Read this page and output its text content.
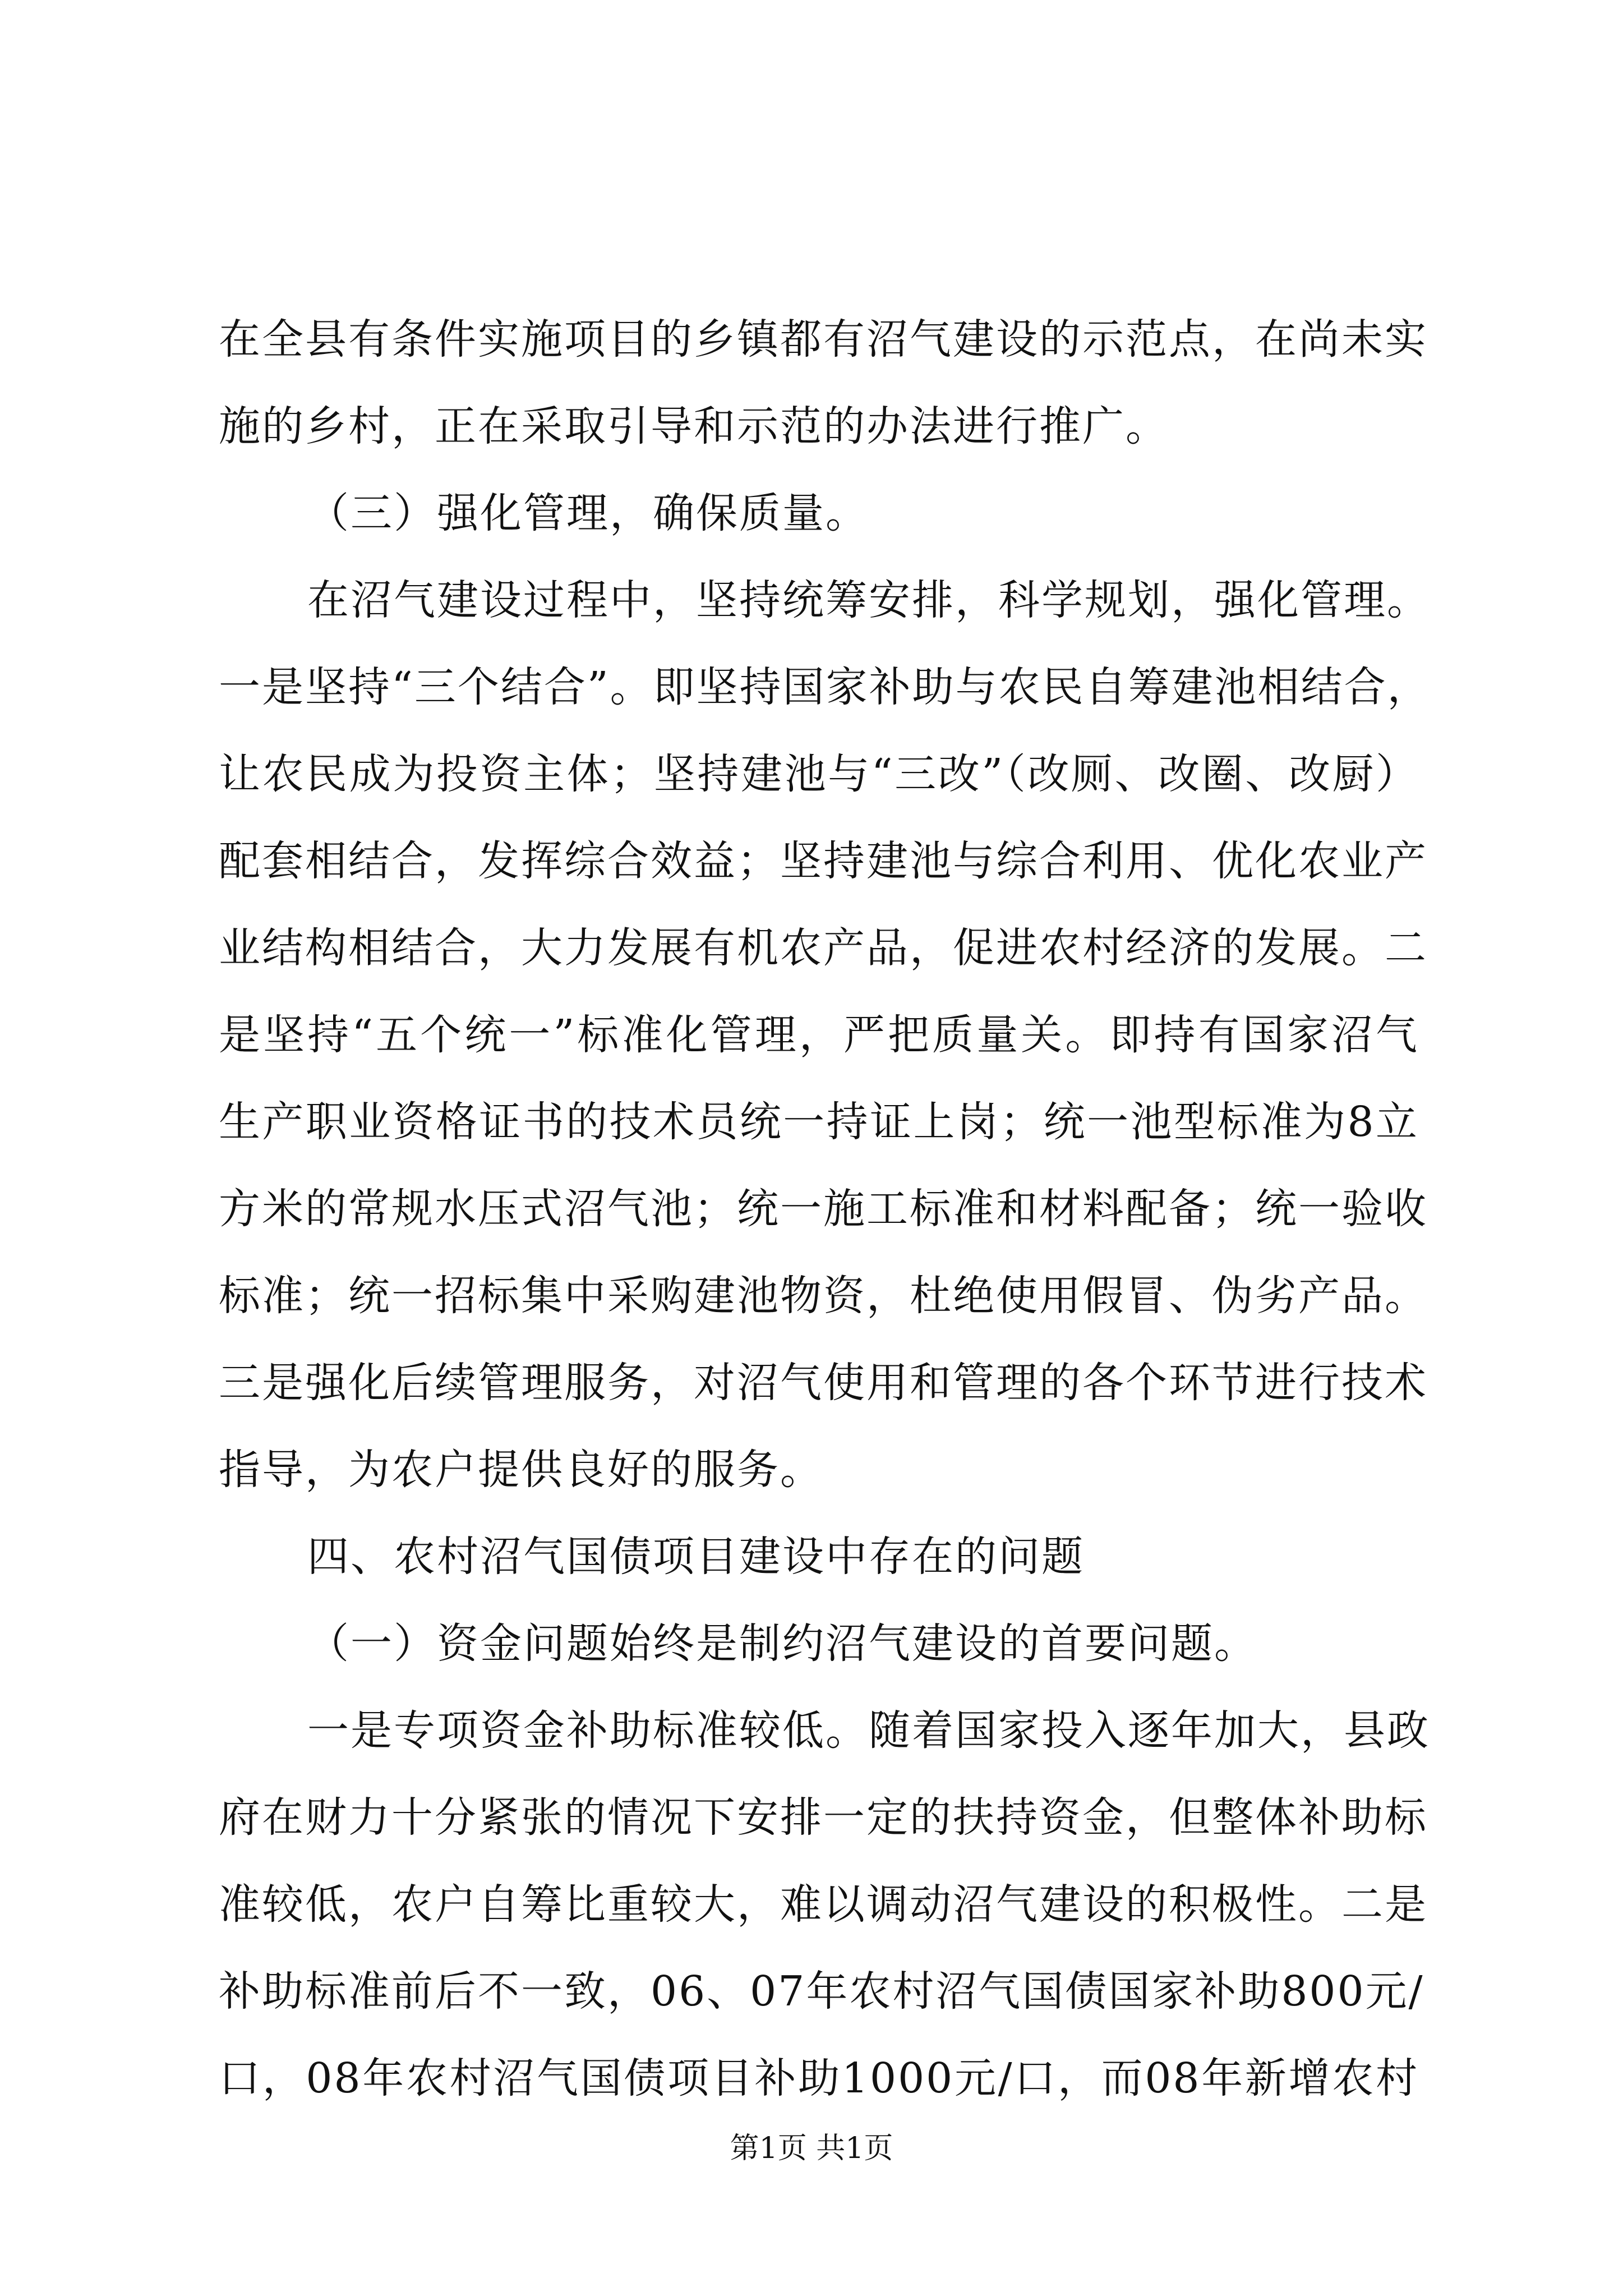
在全县有条件实施项目的乡镇都有沼气建设的示范点，在尚未实
施的乡村，正在采取引导和示范的办法进行推广。
（三）强化管理，确保质量。
在沼气建设过程中，坚持统筹安排，科学规划，强化管理。
一是坚持“三个结合”。即坚持国家补助与农民自筹建池相结合，
让农民成为投资主体；坚持建池与“三改”（改厕、改圈、改厨）
配套相结合，发挥综合效益；坚持建池与综合利用、优化农业产
业结构相结合，大力发展有机农产品，促进农村经济的发展。二
是坚持“五个统一”标准化管理，严把质量关。即持有国家沼气
生产职业资格证书的技术员统一持证上岗；统一池型标准为8立
方米的常规水压式沼气池；统一施工标准和材料配备；统一验收
标准；统一招标集中采购建池物资，杜绝使用假冒、伪劣产品。
三是强化后续管理服务，对沼气使用和管理的各个环节进行技术
指导，为农户提供良好的服务。
四、农村沼气国债项目建设中存在的问题
（一）资金问题始终是制约沼气建设的首要问题。
一是专项资金补助标准较低。随着国家投入逐年加大，县政
府在财力十分紧张的情况下安排一定的扶持资金，但整体补助标
准较低，农户自筹比重较大，难以调动沼气建设的积极性。二是
补助标准前后不一致，06、07年农村沼气国债国家补助800元/
口，08年农村沼气国债项目补助1000元/口，而08年新增农村
第1页 共1页
